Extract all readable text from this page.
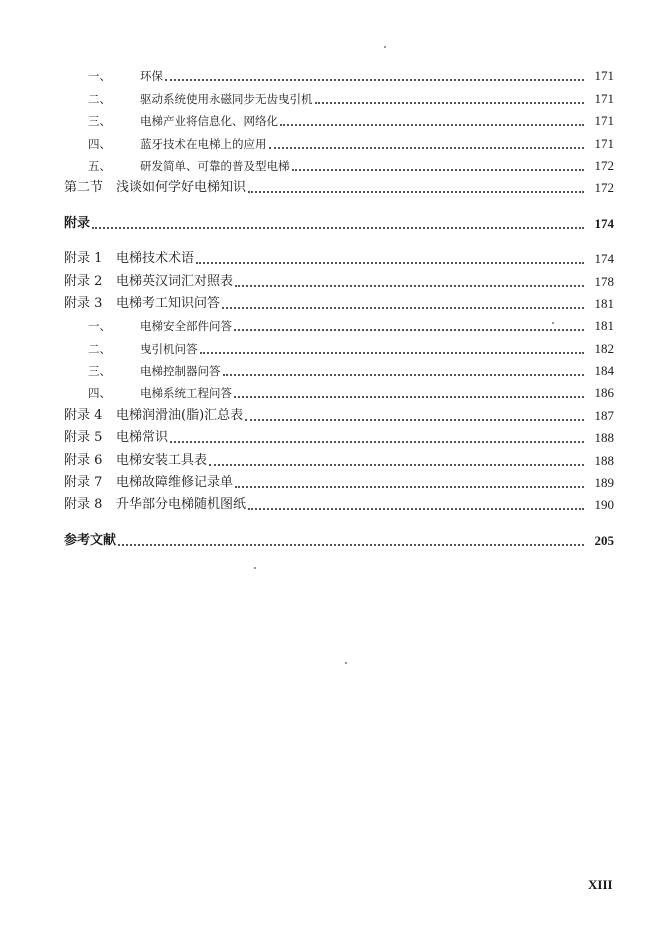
一、	环保	171
二、	驱动系统使用永磁同步无齿曳引机	171
三、	电梯产业将信息化、网络化	171
四、	蓝牙技术在电梯上的应用	171
五、	研发简单、可靠的普及型电梯	172
第二节 浅谈如何学好电梯知识	172
附录	174
附录 1	电梯技术术语	174
附录 2	电梯英汉词汇对照表	178
附录 3	电梯考工知识问答	181
一、	电梯安全部件问答	181
二、	曳引机问答	182
三、	电梯控制器问答	184
四、	电梯系统工程问答	186
附录 4	电梯润滑油(脂)汇总表	187
附录 5	电梯常识	188
附录 6	电梯安装工具表	188
附录 7	电梯故障维修记录单	189
附录 8	升华部分电梯随机图纸	190
参考文献	205
XIII
